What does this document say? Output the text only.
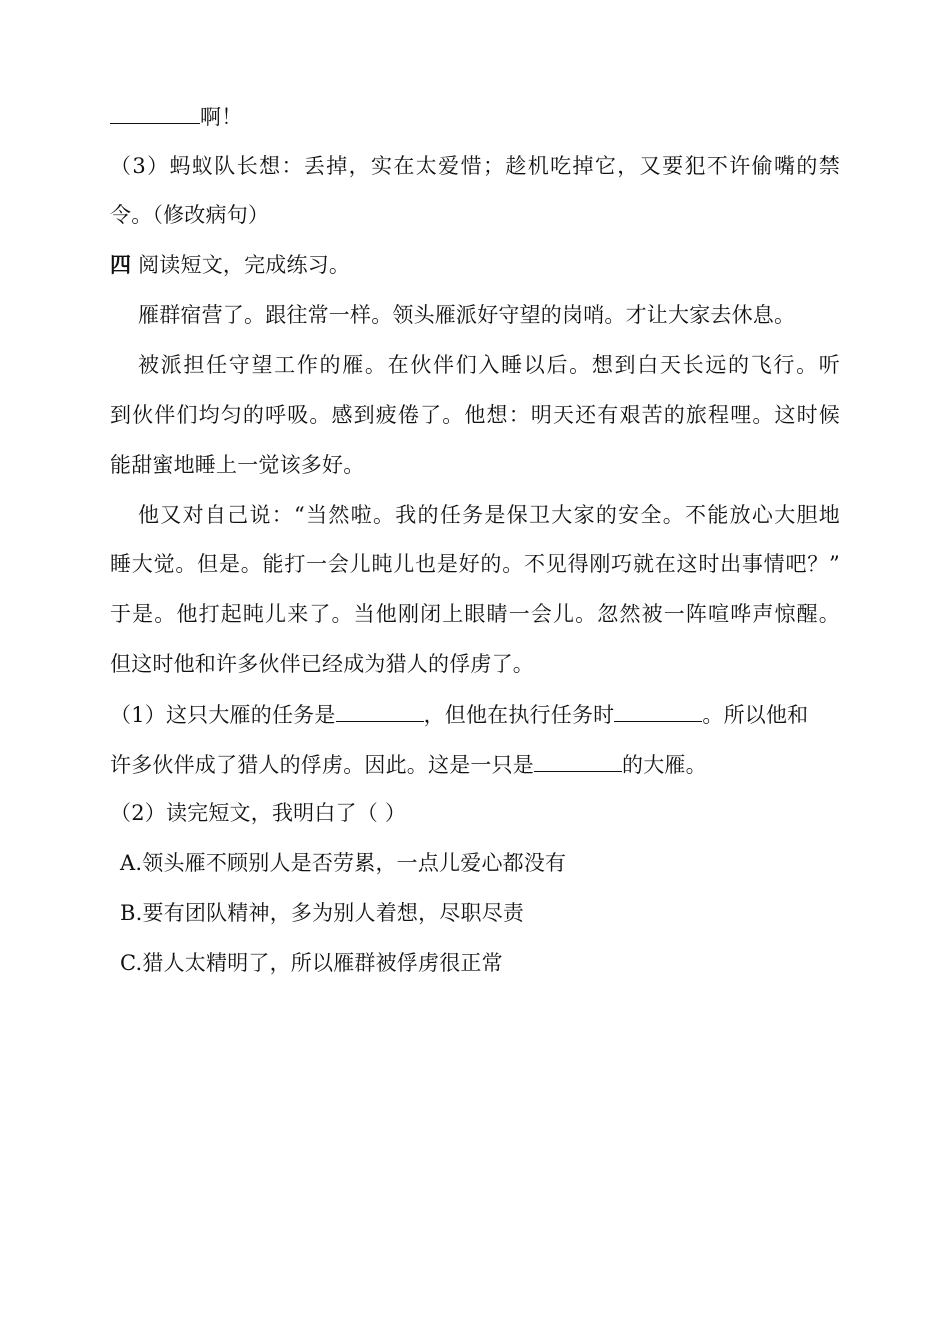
啊！
（3）蚂蚁队长想：丢掉，实在太爱惜；趁机吃掉它，又要犯不许偷嘴的禁
令。（修改病句）
四 阅读短文，完成练习。
雁群宿营了。跟往常一样。领头雁派好守望的岗哨。才让大家去休息。
被派担任守望工作的雁。在伙伴们入睡以后。想到白天长远的飞行。听
到伙伴们均匀的呼吸。感到疲倦了。他想：明天还有艰苦的旅程哩。这时候
能甜蜜地睡上一觉该多好。
他又对自己说：“当然啦。我的任务是保卫大家的安全。不能放心大胆地
睡大觉。但是。能打一会儿盹儿也是好的。不见得刚巧就在这时出事情吧？”
于是。他打起盹儿来了。当他刚闭上眼睛一会儿。忽然被一阵喧哗声惊醒。
但这时他和许多伙伴已经成为猎人的俘虏了。
（1）这只大雁的任务是	，但他在执行任务时	。所以他和
许多伙伴成了猎人的俘虏。因此。这是一只是	的大雁。
（2）读完短文，我明白了（ ）
A.领头雁不顾别人是否劳累，一点儿爱心都没有
B.要有团队精神，多为别人着想，尽职尽责
C.猎人太精明了，所以雁群被俘虏很正常
